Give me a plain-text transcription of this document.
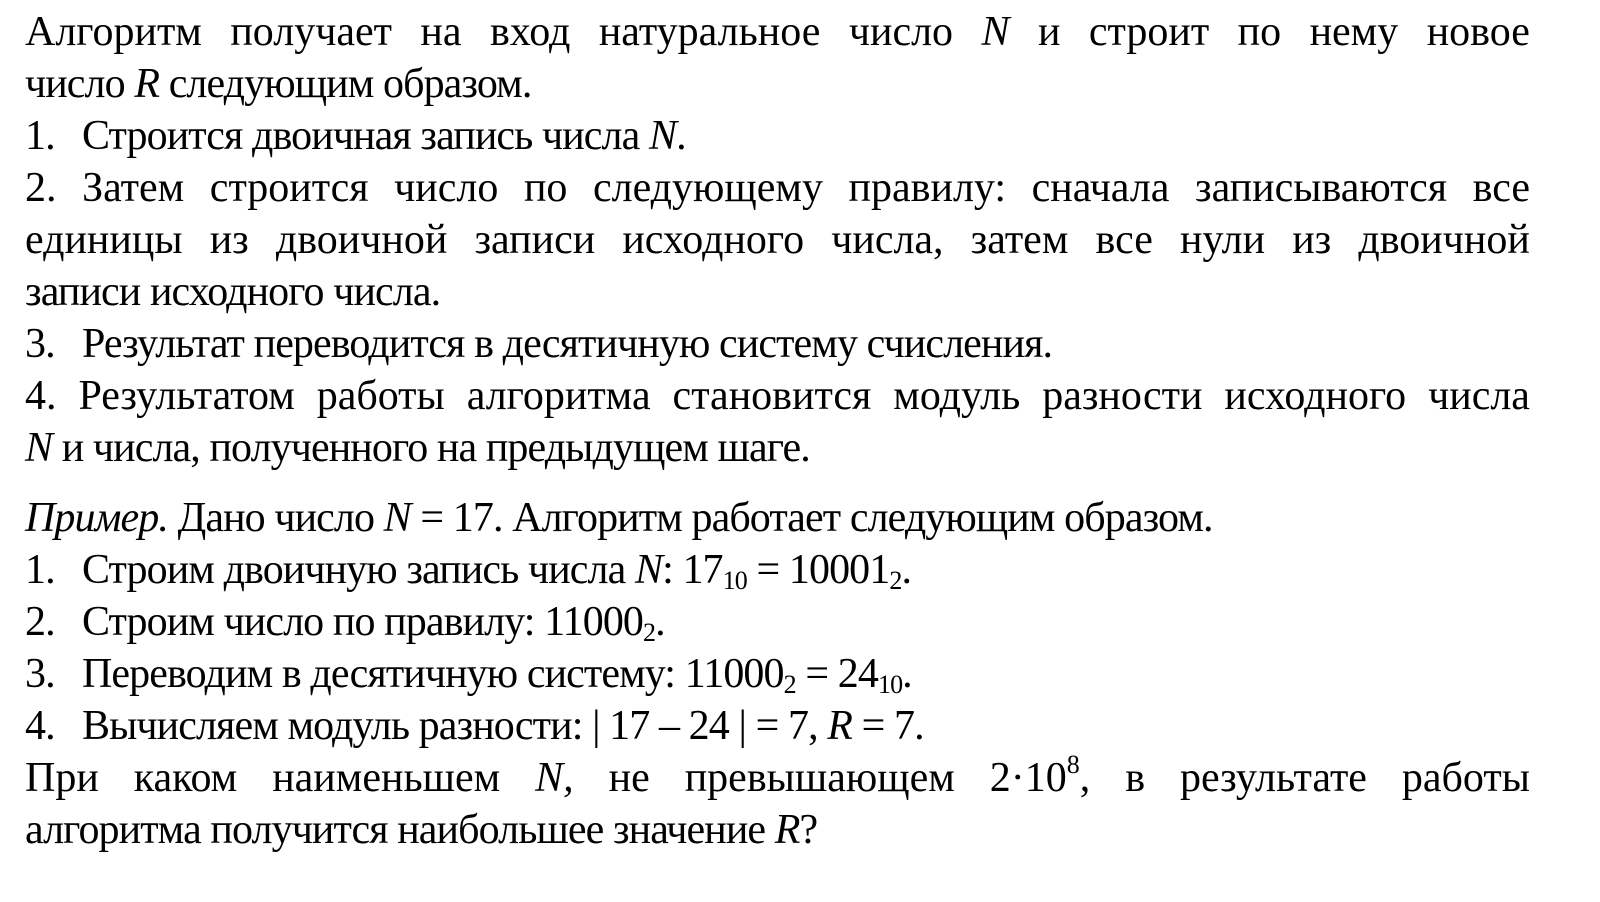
Алгоритм получает на вход натуральное число N и строит по нему новое
число R следующим образом.
1. Строится двоичная запись числа N.
2. Затем строится число по следующему правилу: сначала записываются все
единицы из двоичной записи исходного числа, затем все нули из двоичной
записи исходного числа.
3. Результат переводится в десятичную систему счисления.
4. Результатом работы алгоритма становится модуль разности исходного числа
N и числа, полученного на предыдущем шаге.
Пример. Дано число N = 17. Алгоритм работает следующим образом.
1. Строим двоичную запись числа N: $17_{10} = 10001_2$.
2. Строим число по правилу: $11000_2$.
3. Переводим в десятичную систему: $11000_2 = 24_{10}$.
4. Вычисляем модуль разности: | 17 – 24 | = 7, R = 7.
При каком наименьшем N, не превышающем $2\cdot 10^8$, в результате работы
алгоритма получится наибольшее значение R?
